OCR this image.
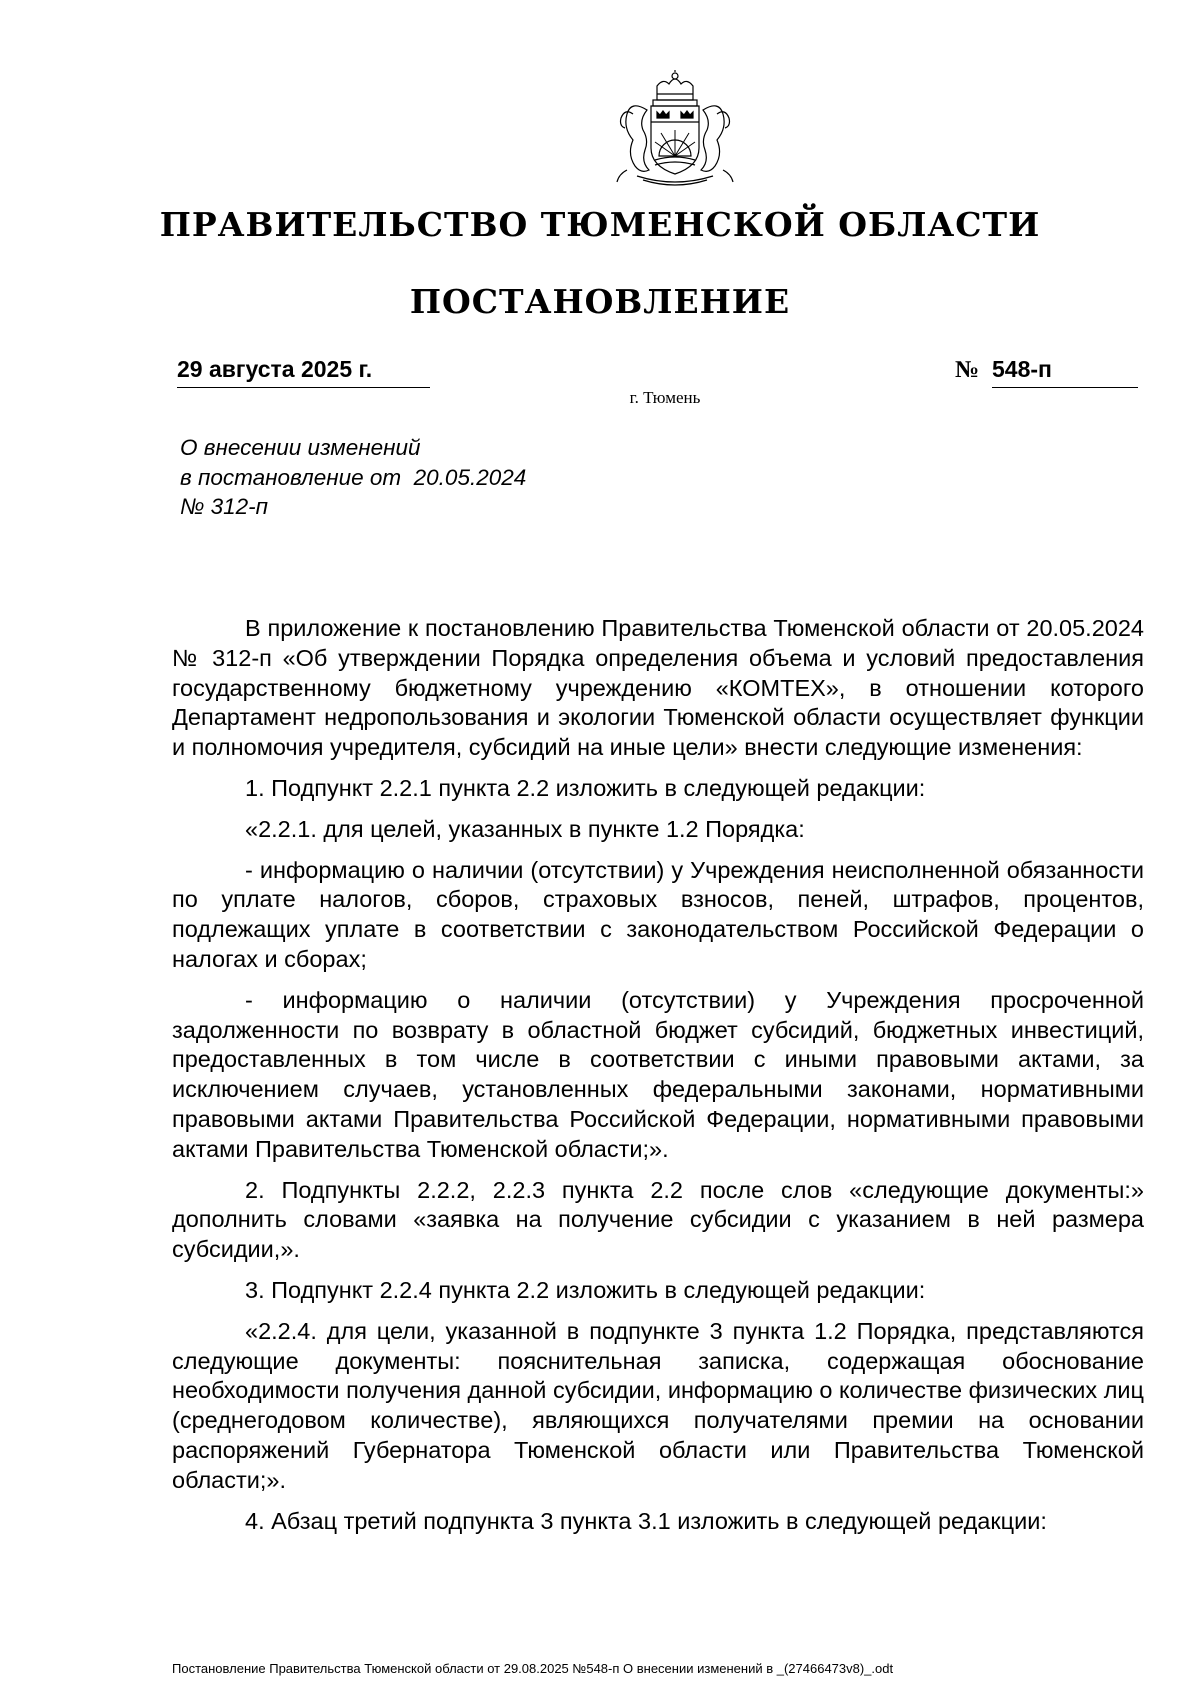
ПРАВИТЕЛЬСТВО ТЮМЕНСКОЙ ОБЛАСТИ
ПОСТАНОВЛЕНИЕ
29 августа 2025 г.	№ 548-п
г. Тюмень
О внесении изменений
в постановление от  20.05.2024
№ 312-п

В приложение к постановлению Правительства Тюменской области от 20.05.2024 № 312-п «Об утверждении Порядка определения объема и условий предоставления государственному бюджетному учреждению «КОМТЕХ», в отношении которого Департамент недропользования и экологии Тюменской области осуществляет функции и полномочия учредителя, субсидий на иные цели» внести следующие изменения:

1. Подпункт 2.2.1 пункта 2.2 изложить в следующей редакции:

«2.2.1. для целей, указанных в пункте 1.2 Порядка:

- информацию о наличии (отсутствии) у Учреждения неисполненной обязанности по уплате налогов, сборов, страховых взносов, пеней, штрафов, процентов, подлежащих уплате в соответствии с законодательством Российской Федерации о налогах и сборах;

- информацию о наличии (отсутствии) у Учреждения просроченной задолженности по возврату в областной бюджет субсидий, бюджетных инвестиций, предоставленных в том числе в соответствии с иными правовыми актами, за исключением случаев, установленных федеральными законами, нормативными правовыми актами Правительства Российской Федерации, нормативными правовыми актами Правительства Тюменской области;».

2. Подпункты 2.2.2, 2.2.3 пункта 2.2 после слов «следующие документы:» дополнить словами «заявка на получение субсидии с указанием в ней размера субсидии,».

3. Подпункт 2.2.4 пункта 2.2 изложить в следующей редакции:

«2.2.4. для цели, указанной в подпункте 3 пункта 1.2 Порядка, представляются следующие документы: пояснительная записка, содержащая обоснование необходимости получения данной субсидии, информацию о количестве физических лиц (среднегодовом количестве), являющихся получателями премии на основании распоряжений Губернатора Тюменской области или Правительства Тюменской области;».

4. Абзац третий подпункта 3 пункта 3.1 изложить в следующей редакции:

Постановление Правительства Тюменской области от 29.08.2025 №548-п О внесении изменений в _(27466473v8)_.odt
